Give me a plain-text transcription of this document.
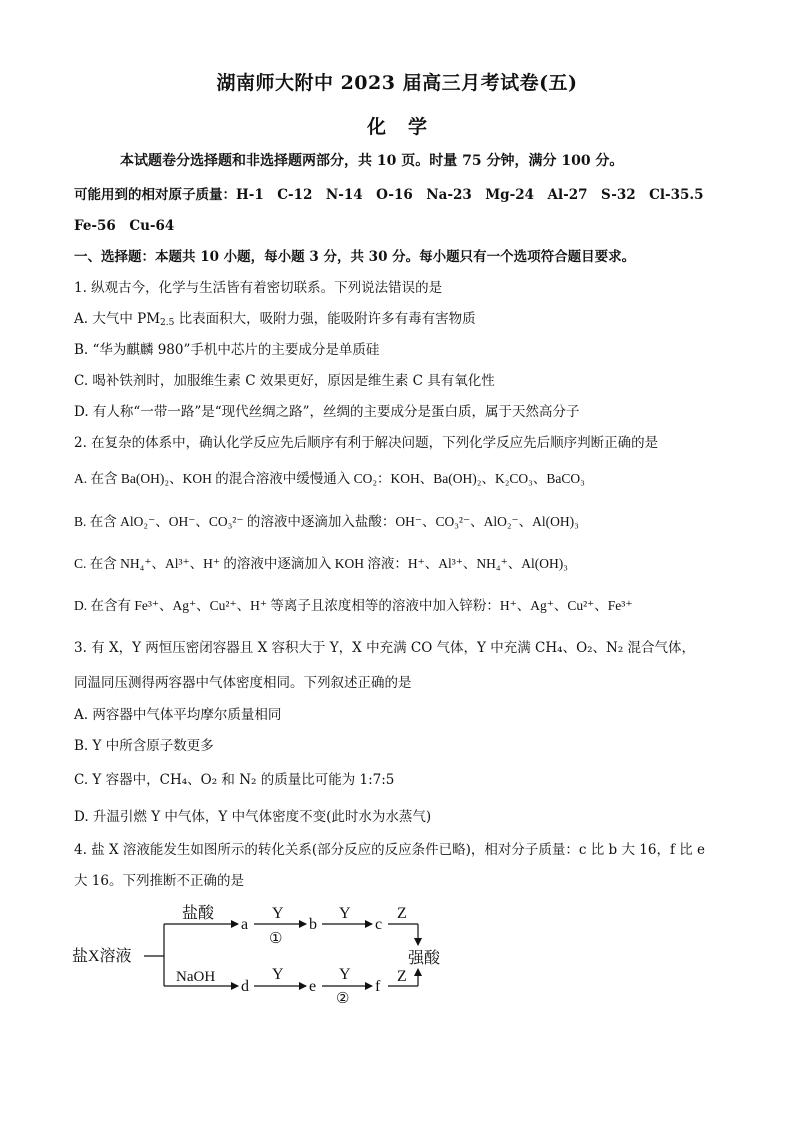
湖南师大附中 2023 届高三月考试卷(五)
化学
本试题卷分选择题和非选择题两部分，共 10 页。时量 75 分钟，满分 100 分。
可能用到的相对原子质量：H-1　C-12　N-14　O-16　Na-23　Mg-24　Al-27　S-32　Cl-35.5
Fe-56　Cu-64
一、选择题：本题共 10 小题，每小题 3 分，共 30 分。每小题只有一个选项符合题目要求。
1. 纵观古今，化学与生活皆有着密切联系。下列说法错误的是
A. 大气中 $PM_{2.5}$ 比表面积大，吸附力强，能吸附许多有毒有害物质
B. “华为麒麟 980”手机中芯片的主要成分是单质硅
C. 喝补铁剂时，加服维生素 C 效果更好，原因是维生素 C 具有氧化性
D. 有人称“一带一路”是“现代丝绸之路”，丝绸的主要成分是蛋白质，属于天然高分子
2. 在复杂的体系中，确认化学反应先后顺序有利于解决问题，下列化学反应先后顺序判断正确的是
A. 在含 Ba(OH)₂、KOH 的混合溶液中缓慢通入 CO₂：KOH、Ba(OH)₂、K₂CO₃、BaCO₃
B. 在含 AlO₂⁻、OH⁻、CO₃²⁻ 的溶液中逐滴加入盐酸：OH⁻、CO₃²⁻、AlO₂⁻、Al(OH)₃
C. 在含 NH₄⁺、Al³⁺、H⁺ 的溶液中逐滴加入 KOH 溶液：H⁺、Al³⁺、NH₄⁺、Al(OH)₃
D. 在含有 Fe³⁺、Ag⁺、Cu²⁺、H⁺ 等离子且浓度相等的溶液中加入锌粉：H⁺、Ag⁺、Cu²⁺、Fe³⁺
3. 有 X，Y 两恒压密闭容器且 X 容积大于 Y，X 中充满 CO 气体，Y 中充满 CH₄、O₂、N₂ 混合气体，
同温同压测得两容器中气体密度相同。下列叙述正确的是
A. 两容器中气体平均摩尔质量相同
B. Y 中所含原子数更多
C. Y 容器中，CH₄、O₂ 和 N₂ 的质量比可能为 1:7:5
D. 升温引燃 Y 中气体，Y 中气体密度不变(此时水为水蒸气)
4. 盐 X 溶液能发生如图所示的转化关系(部分反应的反应条件已略)，相对分子质量：c 比 b 大 16，f 比 e
大 16。下列推断不正确的是
盐X溶液
盐酸
NaOH
a
Y
①
b
Y
c
Z
强酸
d
Y
e
Y
②
f
Z
